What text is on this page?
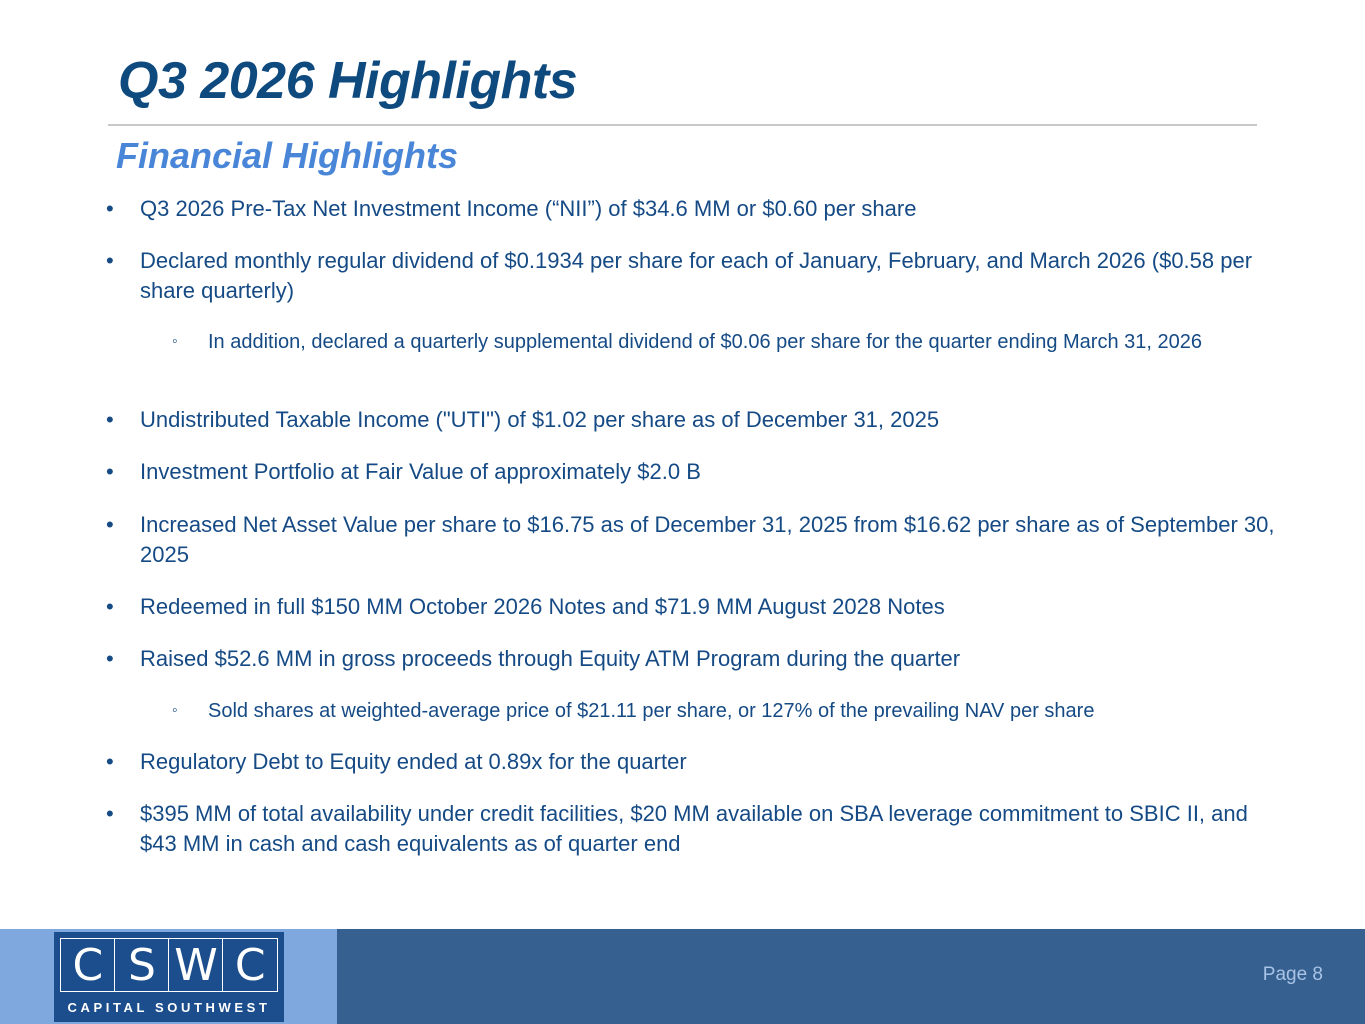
Q3 2026 Highlights
Financial Highlights
• Q3 2026 Pre-Tax Net Investment Income (“NII”) of $34.6 MM or $0.60 per share
• Declared monthly regular dividend of $0.1934 per share for each of January, February, and March 2026 ($0.58 per share quarterly)
◦ In addition, declared a quarterly supplemental dividend of $0.06 per share for the quarter ending March 31, 2026
• Undistributed Taxable Income ("UTI") of $1.02 per share as of December 31, 2025
• Investment Portfolio at Fair Value of approximately $2.0 B
• Increased Net Asset Value per share to $16.75 as of December 31, 2025 from $16.62 per share as of September 30, 2025
• Redeemed in full $150 MM October 2026 Notes and $71.9 MM August 2028 Notes
• Raised $52.6 MM in gross proceeds through Equity ATM Program during the quarter
◦ Sold shares at weighted-average price of $21.11 per share, or 127% of the prevailing NAV per share
• Regulatory Debt to Equity ended at 0.89x for the quarter
• $395 MM of total availability under credit facilities, $20 MM available on SBA leverage commitment to SBIC II, and $43 MM in cash and cash equivalents as of quarter end
C S W C
CAPITAL SOUTHWEST
Page 8
